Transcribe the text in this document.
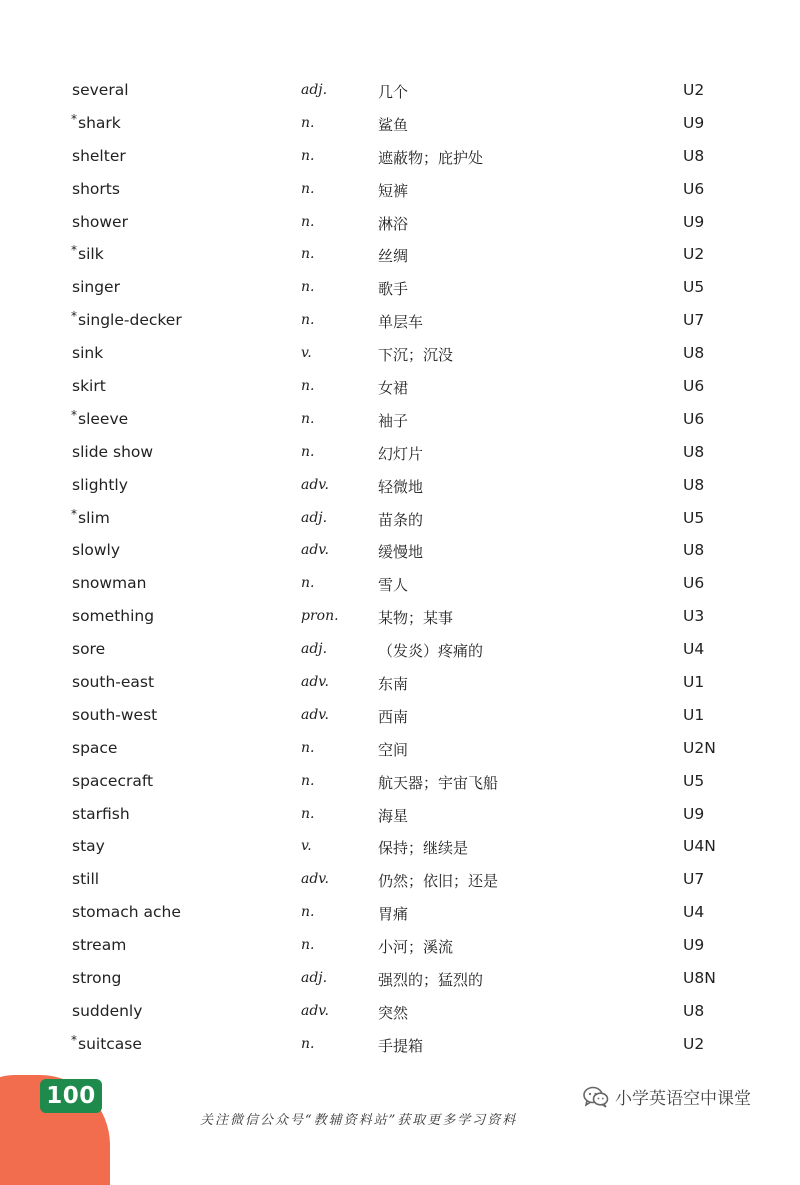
several	adj.	几个	U2
*shark	n.	鲨鱼	U9
shelter	n.	遮蔽物；庇护处	U8
shorts	n.	短裤	U6
shower	n.	淋浴	U9
*silk	n.	丝绸	U2
singer	n.	歌手	U5
*single-decker	n.	单层车	U7
sink	v.	下沉；沉没	U8
skirt	n.	女裙	U6
*sleeve	n.	袖子	U6
slide show	n.	幻灯片	U8
slightly	adv.	轻微地	U8
*slim	adj.	苗条的	U5
slowly	adv.	缓慢地	U8
snowman	n.	雪人	U6
something	pron.	某物；某事	U3
sore	adj.	（发炎）疼痛的	U4
south-east	adv.	东南	U1
south-west	adv.	西南	U1
space	n.	空间	U2N
spacecraft	n.	航天器；宇宙飞船	U5
starfish	n.	海星	U9
stay	v.	保持；继续是	U4N
still	adv.	仍然；依旧；还是	U7
stomach ache	n.	胃痛	U4
stream	n.	小河；溪流	U9
strong	adj.	强烈的；猛烈的	U8N
suddenly	adv.	突然	U8
*suitcase	n.	手提箱	U2
100
关注微信公众号“教辅资料站”获取更多学习资料
小学英语空中课堂
